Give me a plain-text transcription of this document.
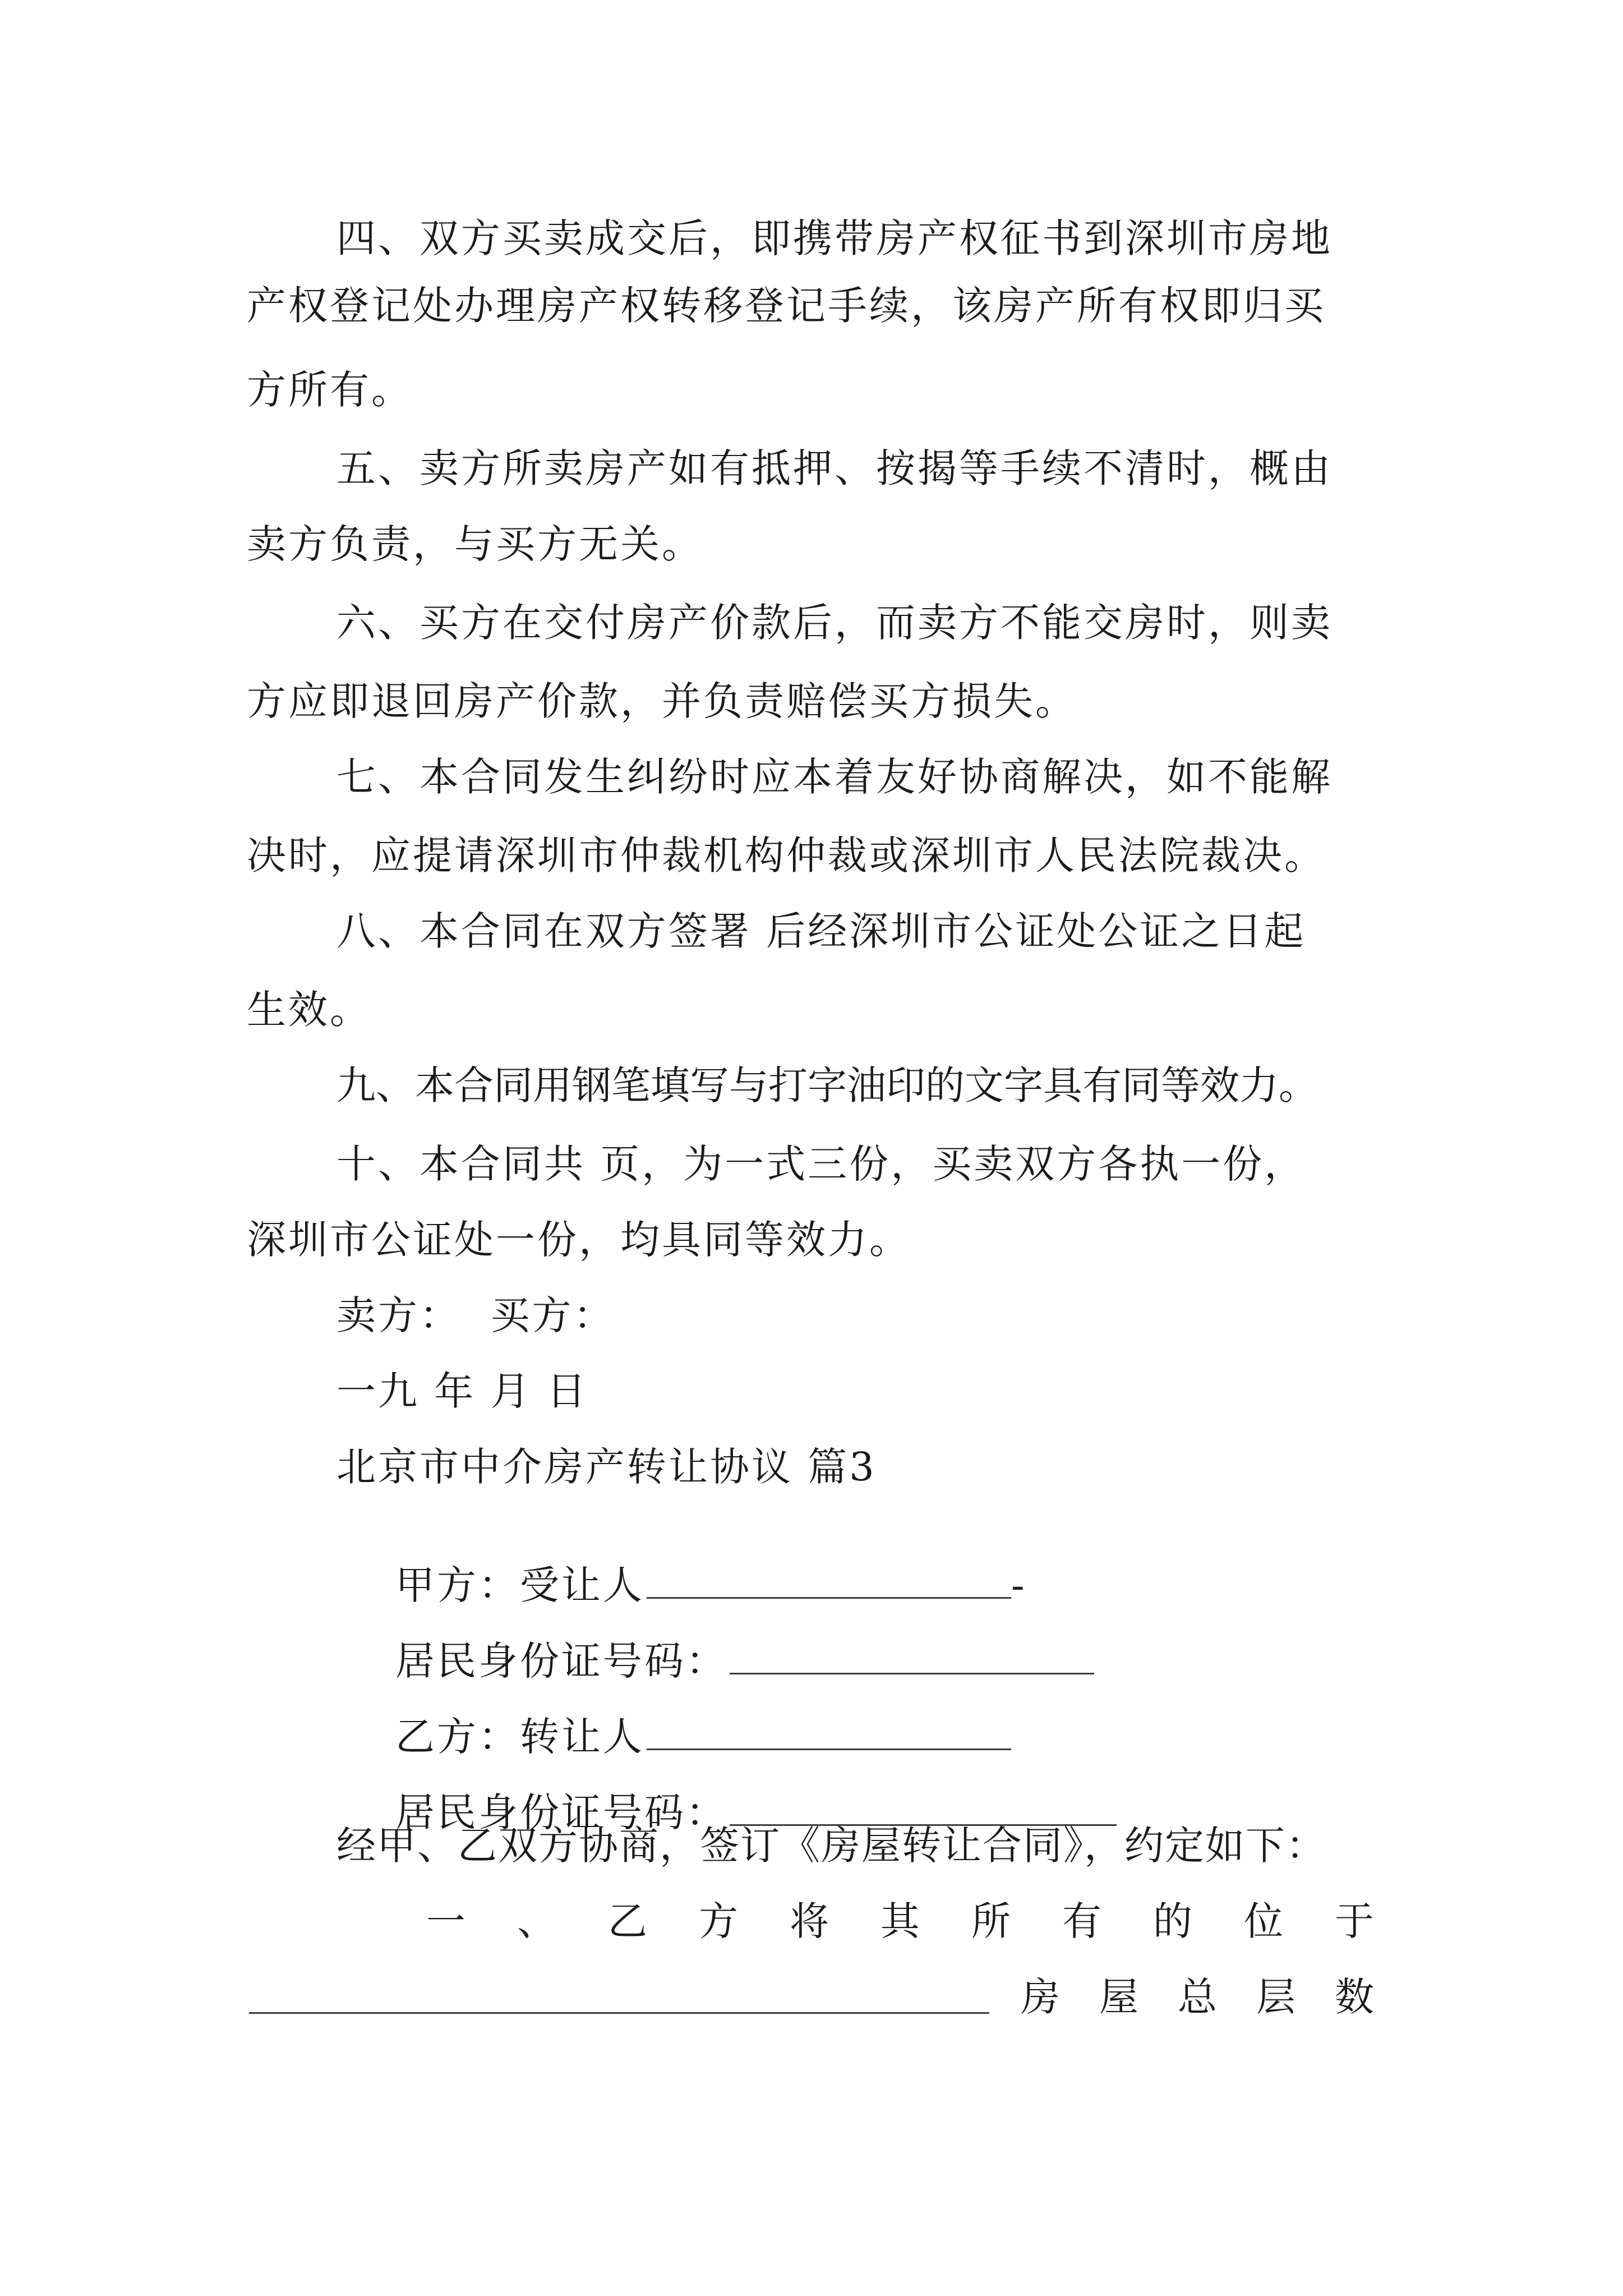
四、双方买卖成交后，即携带房产权征书到深圳市房地
产权登记处办理房产权转移登记手续，该房产所有权即归买
方所有。
五、卖方所卖房产如有抵押、按揭等手续不清时，概由
卖方负责，与买方无关。
六、买方在交付房产价款后，而卖方不能交房时，则卖
方应即退回房产价款，并负责赔偿买方损失。
七、本合同发生纠纷时应本着友好协商解决，如不能解
决时，应提请深圳市仲裁机构仲裁或深圳市人民法院裁决。
八、本合同在双方签署 后经深圳市公证处公证之日起
生效。
九、本合同用钢笔填写与打字油印的文字具有同等效力。
十、本合同共 页，为一式三份，买卖双方各执一份，
深圳市公证处一份，均具同等效力。
卖方：  买方：
一九 年 月 日
北京市中介房产转让协议 篇3

甲方：受让人	-

居民身份证号码：

乙方：转让人

居民身份证号码：

经甲、乙双方协商，签订《房屋转让合同》，约定如下：
一 、 乙 方 将 其 所 有 的 位 于
房 屋 总 层 数
